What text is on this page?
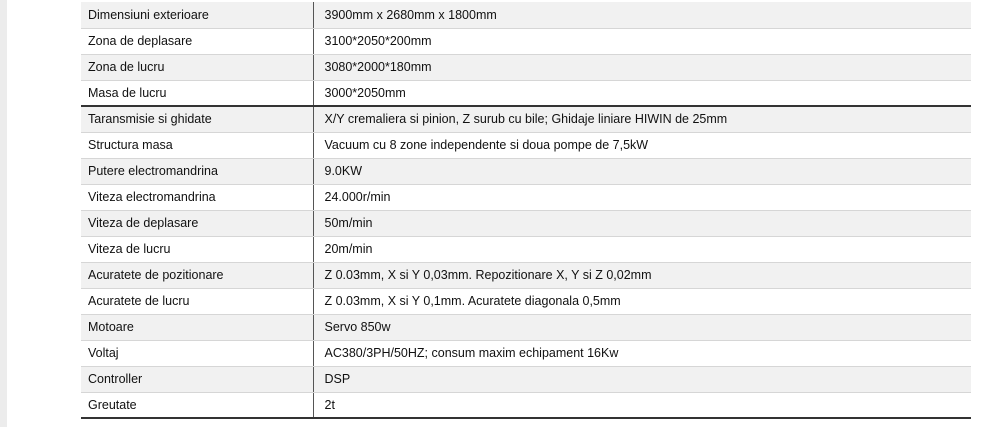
Dimensiuni exterioare	3900mm x 2680mm x 1800mm
Zona de deplasare	3100*2050*200mm
Zona de lucru	3080*2000*180mm
Masa de lucru	3000*2050mm
Taransmisie si ghidate	X/Y cremaliera si pinion, Z surub cu bile; Ghidaje liniare HIWIN de 25mm
Structura masa	Vacuum cu 8 zone independente si doua pompe de 7,5kW
Putere electromandrina	9.0KW
Viteza electromandrina	24.000r/min
Viteza de deplasare	50m/min
Viteza de lucru	20m/min
Acuratete de pozitionare	Z 0.03mm, X si Y 0,03mm. Repozitionare X, Y si Z 0,02mm
Acuratete de lucru	Z 0.03mm, X si Y 0,1mm. Acuratete diagonala 0,5mm
Motoare	Servo 850w
Voltaj	AC380/3PH/50HZ; consum maxim echipament 16Kw
Controller	DSP
Greutate	2t
